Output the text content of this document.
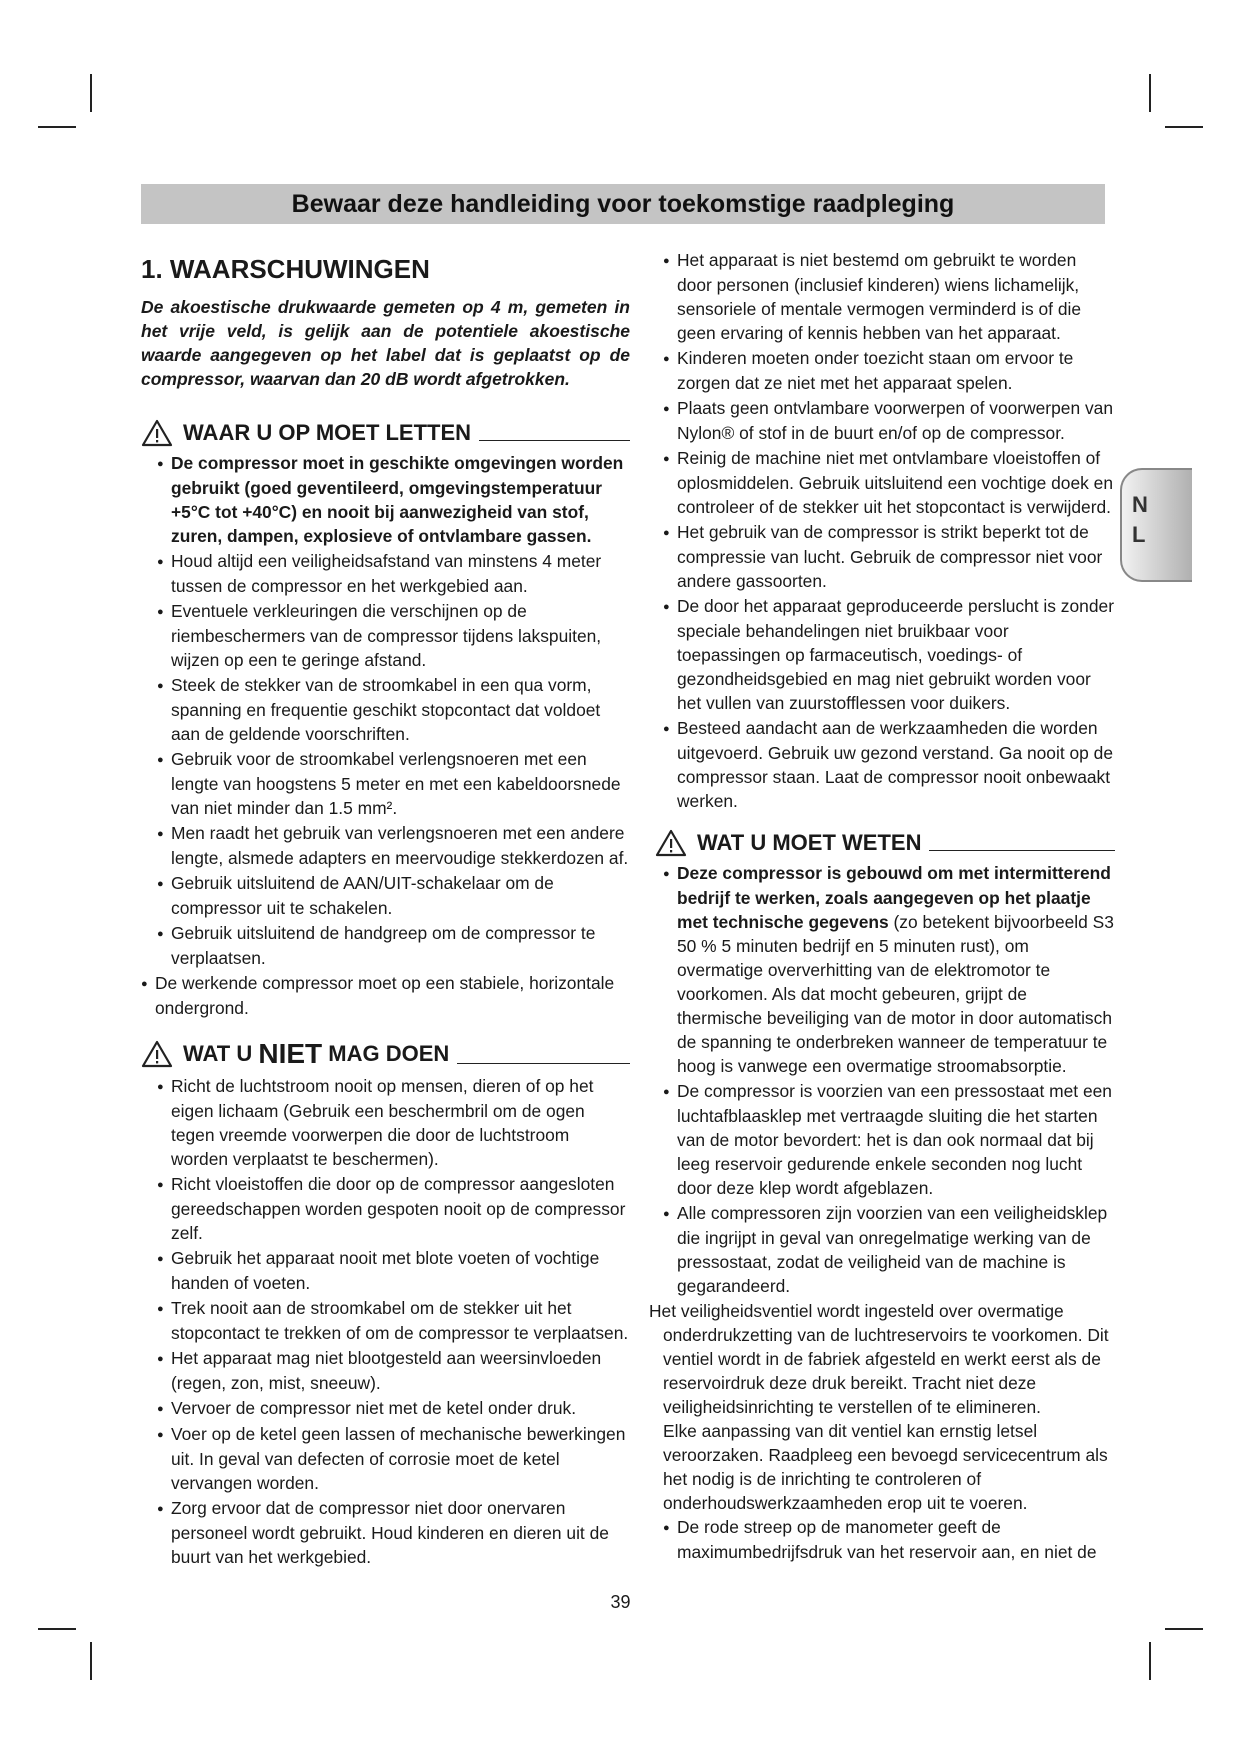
Bewaar deze handleiding voor toekomstige raadpleging
1. WAARSCHUWINGEN

De akoestische drukwaarde gemeten op 4 m, gemeten in het vrije veld, is gelijk aan de potentiele akoestische waarde aangegeven op het label dat is geplaatst op de compressor, waarvan dan 20 dB wordt afgetrokken.

WAAR U OP MOET LETTEN
● De compressor moet in geschikte omgevingen worden gebruikt (goed geventileerd, omgevingstemperatuur +5°C tot +40°C) en nooit bij aanwezigheid van stof, zuren, dampen, explosieve of ontvlambare gassen.
● Houd altijd een veiligheidsafstand van minstens 4 meter tussen de compressor en het werkgebied aan.
● Eventuele verkleuringen die verschijnen op de riembeschermers van de compressor tijdens lakspuiten, wijzen op een te geringe afstand.
● Steek de stekker van de stroomkabel in een qua vorm, spanning en frequentie geschikt stopcontact dat voldoet aan de geldende voorschriften.
● Gebruik voor de stroomkabel verlengsnoeren met een lengte van hoogstens 5 meter en met een kabeldoorsnede van niet minder dan 1.5 mm².
● Men raadt het gebruik van verlengsnoeren met een andere lengte, alsmede adapters en meervoudige stekkerdozen af.
● Gebruik uitsluitend de AAN/UIT-schakelaar om de compressor uit te schakelen.
● Gebruik uitsluitend de handgreep om de compressor te verplaatsen.
● De werkende compressor moet op een stabiele, horizontale ondergrond.
WAT U NIET MAG DOEN
● Richt de luchtstroom nooit op mensen, dieren of op het eigen lichaam (Gebruik een beschermbril om de ogen tegen vreemde voorwerpen die door de luchtstroom worden verplaatst te beschermen).
● Richt vloeistoffen die door op de compressor aangesloten gereedschappen worden gespoten nooit op de compressor zelf.
● Gebruik het apparaat nooit met blote voeten of vochtige handen of voeten.
● Trek nooit aan de stroomkabel om de stekker uit het stopcontact te trekken of om de compressor te verplaatsen.
● Het apparaat mag niet blootgesteld aan weersinvloeden (regen, zon, mist, sneeuw).
● Vervoer de compressor niet met de ketel onder druk.
● Voer op de ketel geen lassen of mechanische bewerkingen uit. In geval van defecten of corrosie moet de ketel vervangen worden.
● Zorg ervoor dat de compressor niet door onervaren personeel wordt gebruikt. Houd kinderen en dieren uit de buurt van het werkgebied.
● Het apparaat is niet bestemd om gebruikt te worden door personen (inclusief kinderen) wiens lichamelijk, sensoriele of mentale vermogen verminderd is of die geen ervaring of kennis hebben van het apparaat.
● Kinderen moeten onder toezicht staan om ervoor te zorgen dat ze niet met het apparaat spelen.
● Plaats geen ontvlambare voorwerpen of voorwerpen van Nylon® of stof in de buurt en/of op de compressor.
● Reinig de machine niet met ontvlambare vloeistoffen of oplosmiddelen. Gebruik uitsluitend een vochtige doek en controleer of de stekker uit het stopcontact is verwijderd.
● Het gebruik van de compressor is strikt beperkt tot de compressie van lucht. Gebruik de compressor niet voor andere gassoorten.
● De door het apparaat geproduceerde perslucht is zonder speciale behandelingen niet bruikbaar voor toepassingen op farmaceutisch, voedings- of gezondheidsgebied en mag niet gebruikt worden voor het vullen van zuurstofflessen voor duikers.
● Besteed aandacht aan de werkzaamheden die worden uitgevoerd. Gebruik uw gezond verstand. Ga nooit op de compressor staan. Laat de compressor nooit onbewaakt werken.
WAT U MOET WETEN
● Deze compressor is gebouwd om met intermitterend bedrijf te werken, zoals aangegeven op het plaatje met technische gegevens (zo betekent bijvoorbeeld S3 50 % 5 minuten bedrijf en 5 minuten rust), om overmatige oververhitting van de elektromotor te voorkomen. Als dat mocht gebeuren, grijpt de thermische beveiliging van de motor in door automatisch de spanning te onderbreken wanneer de temperatuur te hoog is vanwege een overmatige stroomabsorptie.
● De compressor is voorzien van een pressostaat met een luchtafblaasklep met vertraagde sluiting die het starten van de motor bevordert: het is dan ook normaal dat bij leeg reservoir gedurende enkele seconden nog lucht door deze klep wordt afgeblazen.
● Alle compressoren zijn voorzien van een veiligheidsklep die ingrijpt in geval van onregelmatige werking van de pressostaat, zodat de veiligheid van de machine is gegarandeerd.

Het veiligheidsventiel wordt ingesteld over overmatige

onderdrukzetting van de luchtreservoirs te voorkomen. Dit ventiel wordt in de fabriek afgesteld en werkt eerst als de reservoirdruk deze druk bereikt. Tracht niet deze veiligheidsinrichting te verstellen of te elimineren.

Elke aanpassing van dit ventiel kan ernstig letsel veroorzaken. Raadpleeg een bevoegd servicecentrum als het nodig is de inrichting te controleren of onderhoudswerkzaamheden erop uit te voeren.

● De rode streep op de manometer geeft de maximumbedrijfsdruk van het reservoir aan, en niet de
N
L
39
